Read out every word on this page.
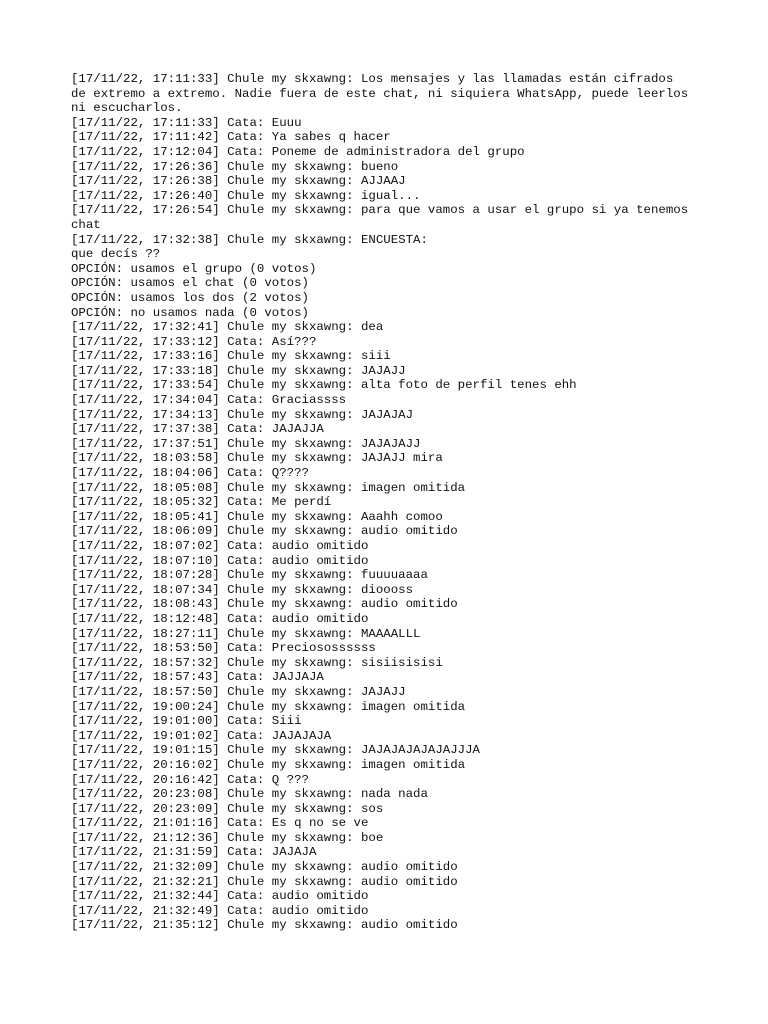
[17/11/22, 17:11:33] Chule my skxawng: Los mensajes y las llamadas están cifrados
de extremo a extremo. Nadie fuera de este chat, ni siquiera WhatsApp, puede leerlos
ni escucharlos.
[17/11/22, 17:11:33] Cata: Euuu
[17/11/22, 17:11:42] Cata: Ya sabes q hacer
[17/11/22, 17:12:04] Cata: Poneme de administradora del grupo
[17/11/22, 17:26:36] Chule my skxawng: bueno
[17/11/22, 17:26:38] Chule my skxawng: AJJAAJ
[17/11/22, 17:26:40] Chule my skxawng: igual...
[17/11/22, 17:26:54] Chule my skxawng: para que vamos a usar el grupo si ya tenemos
chat
[17/11/22, 17:32:38] Chule my skxawng: ENCUESTA:
que decís ??
OPCIÓN: usamos el grupo (0 votos)
OPCIÓN: usamos el chat (0 votos)
OPCIÓN: usamos los dos (2 votos)
OPCIÓN: no usamos nada (0 votos)
[17/11/22, 17:32:41] Chule my skxawng: dea
[17/11/22, 17:33:12] Cata: Así???
[17/11/22, 17:33:16] Chule my skxawng: siii
[17/11/22, 17:33:18] Chule my skxawng: JAJAJJ
[17/11/22, 17:33:54] Chule my skxawng: alta foto de perfil tenes ehh
[17/11/22, 17:34:04] Cata: Graciassss
[17/11/22, 17:34:13] Chule my skxawng: JAJAJAJ
[17/11/22, 17:37:38] Cata: JAJAJJA
[17/11/22, 17:37:51] Chule my skxawng: JAJAJAJJ
[17/11/22, 18:03:58] Chule my skxawng: JAJAJJ mira
[17/11/22, 18:04:06] Cata: Q????
[17/11/22, 18:05:08] Chule my skxawng: imagen omitida
[17/11/22, 18:05:32] Cata: Me perdí
[17/11/22, 18:05:41] Chule my skxawng: Aaahh comoo
[17/11/22, 18:06:09] Chule my skxawng: audio omitido
[17/11/22, 18:07:02] Cata: audio omitido
[17/11/22, 18:07:10] Cata: audio omitido
[17/11/22, 18:07:28] Chule my skxawng: fuuuuaaaa
[17/11/22, 18:07:34] Chule my skxawng: dioooss
[17/11/22, 18:08:43] Chule my skxawng: audio omitido
[17/11/22, 18:12:48] Cata: audio omitido
[17/11/22, 18:27:11] Chule my skxawng: MAAAALLL
[17/11/22, 18:53:50] Cata: Preciosossssss
[17/11/22, 18:57:32] Chule my skxawng: sisiisisisi
[17/11/22, 18:57:43] Cata: JAJJAJA
[17/11/22, 18:57:50] Chule my skxawng: JAJAJJ
[17/11/22, 19:00:24] Chule my skxawng: imagen omitida
[17/11/22, 19:01:00] Cata: Siii
[17/11/22, 19:01:02] Cata: JAJAJAJA
[17/11/22, 19:01:15] Chule my skxawng: JAJAJAJAJAJAJJJA
[17/11/22, 20:16:02] Chule my skxawng: imagen omitida
[17/11/22, 20:16:42] Cata: Q ???
[17/11/22, 20:23:08] Chule my skxawng: nada nada
[17/11/22, 20:23:09] Chule my skxawng: sos
[17/11/22, 21:01:16] Cata: Es q no se ve
[17/11/22, 21:12:36] Chule my skxawng: boe
[17/11/22, 21:31:59] Cata: JAJAJA
[17/11/22, 21:32:09] Chule my skxawng: audio omitido
[17/11/22, 21:32:21] Chule my skxawng: audio omitido
[17/11/22, 21:32:44] Cata: audio omitido
[17/11/22, 21:32:49] Cata: audio omitido
[17/11/22, 21:35:12] Chule my skxawng: audio omitido
